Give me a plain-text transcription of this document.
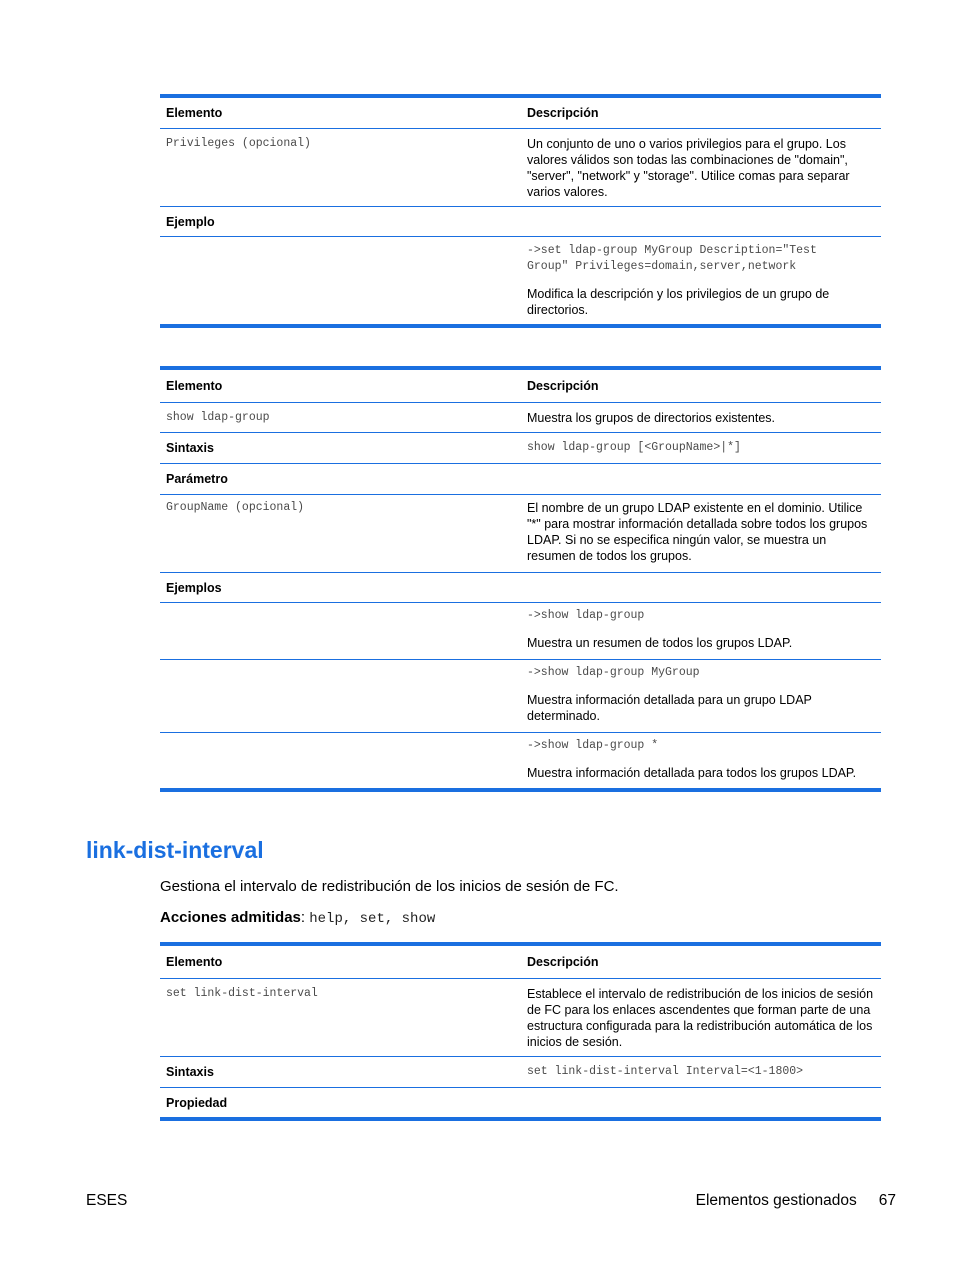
Elemento	Descripción
Privileges (opcional)	Un conjunto de uno o varios privilegios para el grupo. Los valores válidos son todas las combinaciones de "domain", "server", "network" y "storage". Utilice comas para separar varios valores.
Ejemplo
->set ldap-group MyGroup Description="Test
Group" Privileges=domain,server,network
Modifica la descripción y los privilegios de un grupo de directorios.
Elemento	Descripción
show ldap-group	Muestra los grupos de directorios existentes.
Sintaxis	show ldap-group [<GroupName>|*]
Parámetro
GroupName (opcional)	El nombre de un grupo LDAP existente en el dominio. Utilice "*" para mostrar información detallada sobre todos los grupos LDAP. Si no se especifica ningún valor, se muestra un resumen de todos los grupos.
Ejemplos
->show ldap-group
Muestra un resumen de todos los grupos LDAP.
->show ldap-group MyGroup
Muestra información detallada para un grupo LDAP determinado.
->show ldap-group *
Muestra información detallada para todos los grupos LDAP.
link-dist-interval
Gestiona el intervalo de redistribución de los inicios de sesión de FC.
Acciones admitidas: help, set, show
Elemento	Descripción
set link-dist-interval	Establece el intervalo de redistribución de los inicios de sesión de FC para los enlaces ascendentes que forman parte de una estructura configurada para la redistribución automática de los inicios de sesión.
Sintaxis	set link-dist-interval Interval=<1-1800>
Propiedad
ESES	Elementos gestionados 67
